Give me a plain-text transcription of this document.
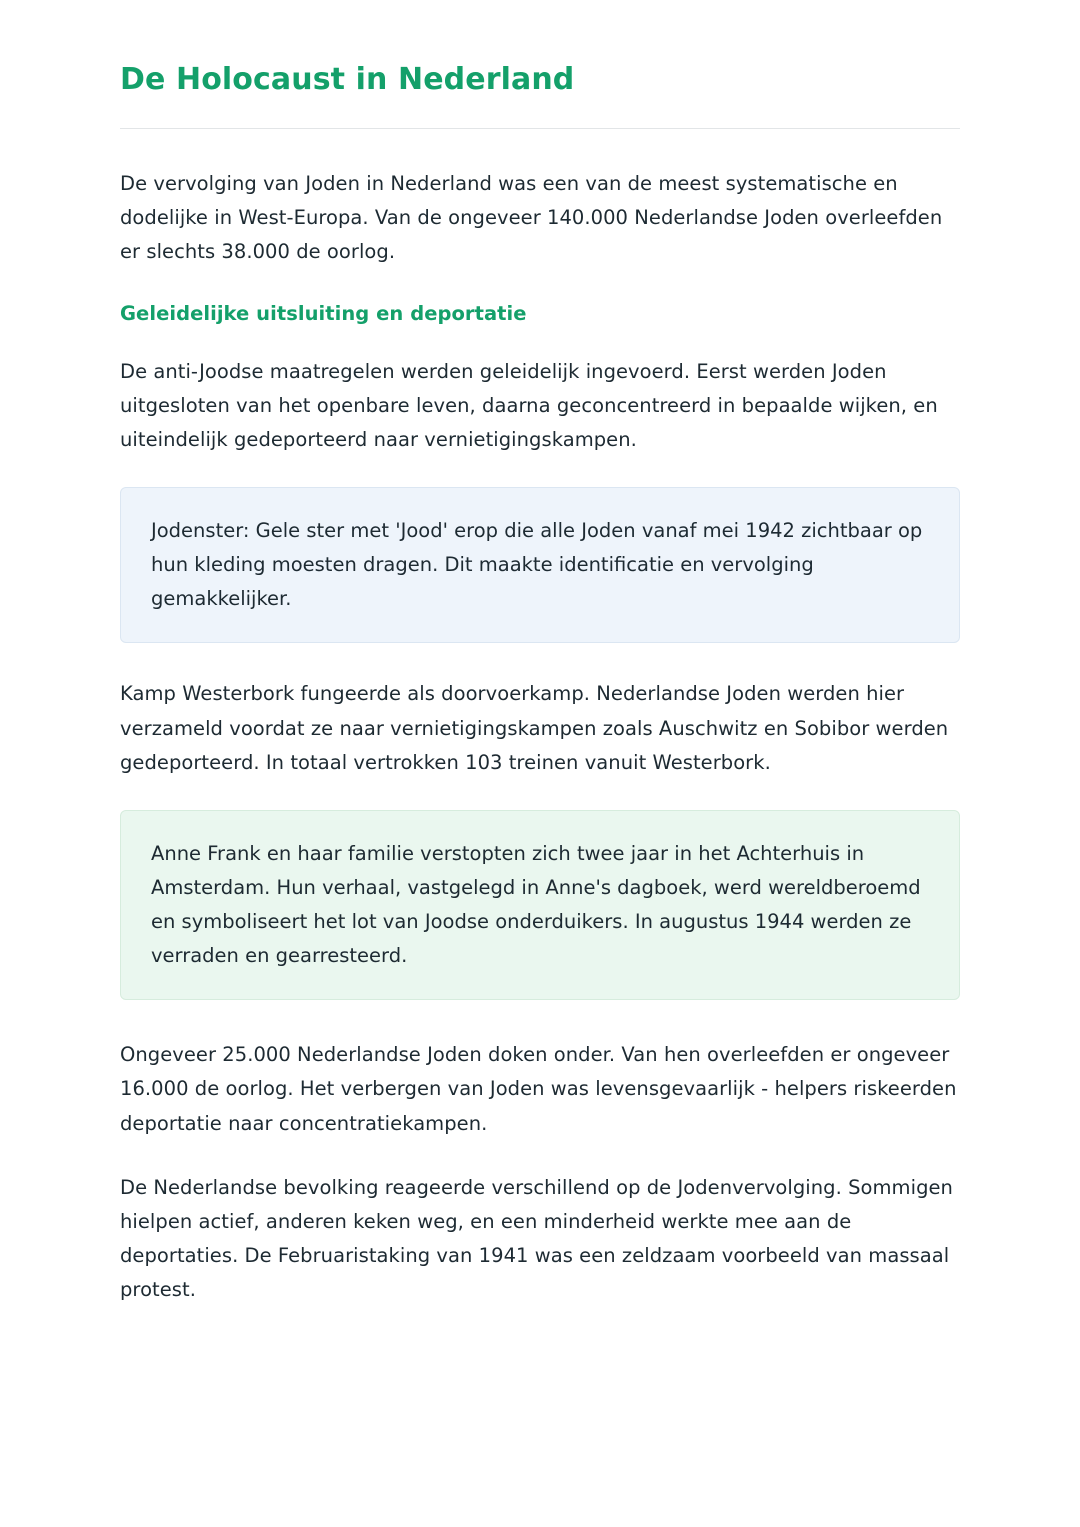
De Holocaust in Nederland

De vervolging van Joden in Nederland was een van de meest systematische en dodelijke in West-Europa. Van de ongeveer 140.000 Nederlandse Joden overleefden er slechts 38.000 de oorlog.

Geleidelijke uitsluiting en deportatie

De anti-Joodse maatregelen werden geleidelijk ingevoerd. Eerst werden Joden uitgesloten van het openbare leven, daarna geconcentreerd in bepaalde wijken, en uiteindelijk gedeporteerd naar vernietigingskampen.

Jodenster: Gele ster met 'Jood' erop die alle Joden vanaf mei 1942 zichtbaar op hun kleding moesten dragen. Dit maakte identificatie en vervolging gemakkelijker.

Kamp Westerbork fungeerde als doorvoerkamp. Nederlandse Joden werden hier verzameld voordat ze naar vernietigingskampen zoals Auschwitz en Sobibor werden gedeporteerd. In totaal vertrokken 103 treinen vanuit Westerbork.

Anne Frank en haar familie verstopten zich twee jaar in het Achterhuis in Amsterdam. Hun verhaal, vastgelegd in Anne's dagboek, werd wereldberoemd en symboliseert het lot van Joodse onderduikers. In augustus 1944 werden ze verraden en gearresteerd.

Ongeveer 25.000 Nederlandse Joden doken onder. Van hen overleefden er ongeveer 16.000 de oorlog. Het verbergen van Joden was levensgevaarlijk - helpers riskeerden deportatie naar concentratiekampen.

De Nederlandse bevolking reageerde verschillend op de Jodenvervolging. Sommigen hielpen actief, anderen keken weg, en een minderheid werkte mee aan de deportaties. De Februaristaking van 1941 was een zeldzaam voorbeeld van massaal protest.
